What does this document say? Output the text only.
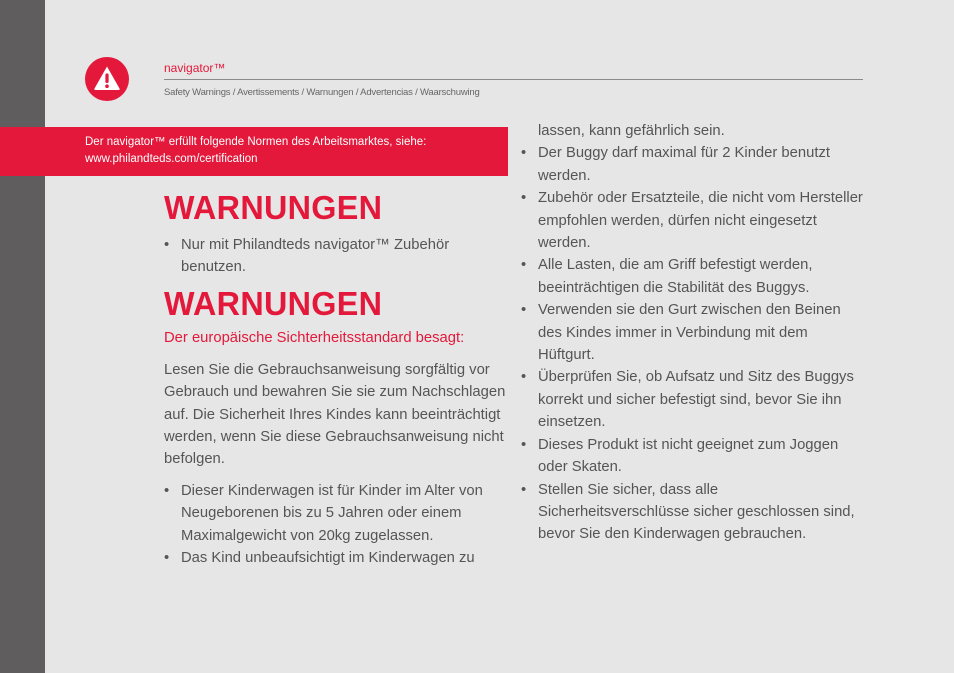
navigator™
Safety Warnings / Avertissements / Warnungen / Advertencias / Waarschuwing
Der navigator™ erfüllt folgende Normen des Arbeitsmarktes, siehe:
www.philandteds.com/certification
WARNUNGEN
• Nur mit Philandteds navigator™ Zubehör benutzen.
WARNUNGEN
Der europäische Sichterheitsstandard besagt:

Lesen Sie die Gebrauchsanweisung sorgfältig vor Gebrauch und bewahren Sie sie zum Nachschlagen auf. Die Sicherheit Ihres Kindes kann beeinträchtigt werden, wenn Sie diese Gebrauchsanweisung nicht befolgen.

• Dieser Kinderwagen ist für Kinder im Alter von Neugeborenen bis zu 5 Jahren oder einem Maximalgewicht von 20kg zugelassen.
• Das Kind unbeaufsichtigt im Kinderwagen zu
lassen, kann gefährlich sein.
• Der Buggy darf maximal für 2 Kinder benutzt werden.
• Zubehör oder Ersatzteile, die nicht vom Hersteller empfohlen werden, dürfen nicht eingesetzt werden.
• Alle Lasten, die am Griff befestigt werden, beeinträchtigen die Stabilität des Buggys.
• Verwenden sie den Gurt zwischen den Beinen des Kindes immer in Verbindung mit dem Hüftgurt.
• Überprüfen Sie, ob Aufsatz und Sitz des Buggys korrekt und sicher befestigt sind, bevor Sie ihn einsetzen.
• Dieses Produkt ist nicht geeignet zum Joggen oder Skaten.
• Stellen Sie sicher, dass alle Sicherheitsverschlüsse sicher geschlossen sind, bevor Sie den Kinderwagen gebrauchen.
